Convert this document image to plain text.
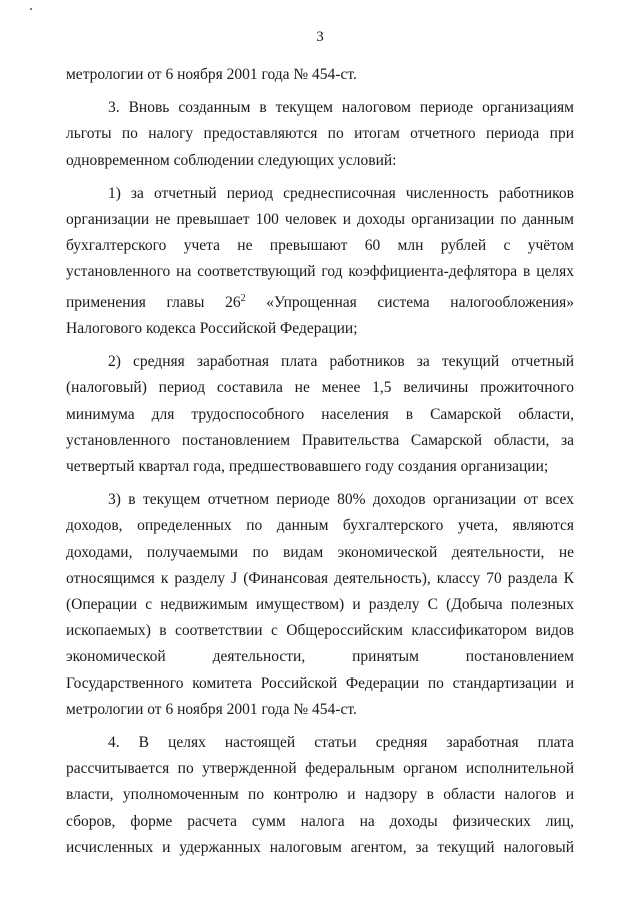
3
метрологии от 6 ноября 2001 года № 454-ст.
3. Вновь созданным в текущем налоговом периоде организациям
льготы по налогу предоставляются по итогам отчетного периода при
одновременном соблюдении следующих условий:
1) за отчетный период среднесписочная численность работников
организации не превышает 100 человек и доходы организации по данным
бухгалтерского учета не превышают 60 млн рублей с учётом
установленного на соответствующий год коэффициента-дефлятора в целях
применения главы $26^2$ «Упрощенная система налогообложения»
Налогового кодекса Российской Федерации;
2) средняя заработная плата работников за текущий отчетный
(налоговый) период составила не менее 1,5 величины прожиточного
минимума для трудоспособного населения в Самарской области,
установленного постановлением Правительства Самарской области, за
четвертый квартал года, предшествовавшего году создания организации;
3) в текущем отчетном периоде 80% доходов организации от всех
доходов, определенных по данным бухгалтерского учета, являются
доходами, получаемыми по видам экономической деятельности, не
относящимся к разделу J (Финансовая деятельность), классу 70 раздела К
(Операции с недвижимым имуществом) и разделу С (Добыча полезных
ископаемых) в соответствии с Общероссийским классификатором видов
экономической деятельности, принятым постановлением
Государственного комитета Российской Федерации по стандартизации и
метрологии от 6 ноября 2001 года № 454-ст.
4. В целях настоящей статьи средняя заработная плата
рассчитывается по утвержденной федеральным органом исполнительной
власти, уполномоченным по контролю и надзору в области налогов и
сборов, форме расчета сумм налога на доходы физических лиц,
исчисленных и удержанных налоговым агентом, за текущий налоговый
